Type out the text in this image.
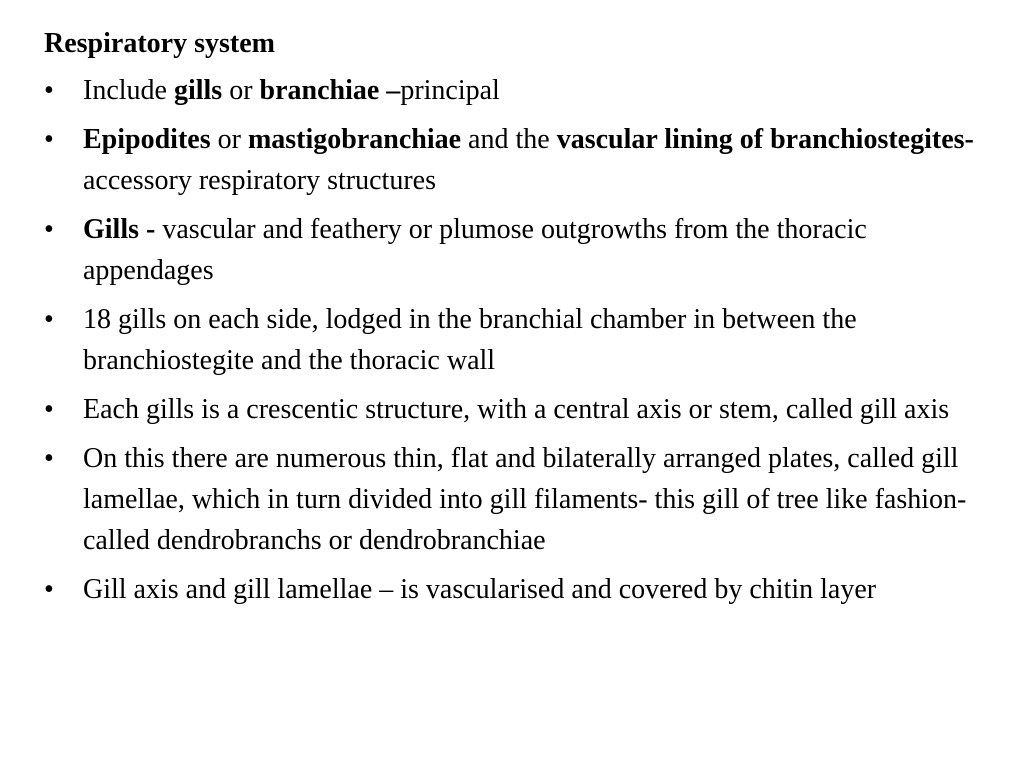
Respiratory system
•	Include gills or branchiae –principal
•	Epipodites or mastigobranchiae and the vascular lining of branchiostegites- accessory respiratory structures
•	Gills - vascular and feathery or plumose outgrowths from the thoracic appendages
•	18 gills on each side, lodged in the branchial chamber in between the branchiostegite and the thoracic wall
•	Each gills is a crescentic structure, with a central axis or stem, called gill axis
•	On this there are numerous thin, flat and bilaterally arranged plates, called gill lamellae, which in turn divided into gill filaments- this gill of tree like fashion- called dendrobranchs or dendrobranchiae
•	Gill axis and gill lamellae – is vascularised and covered by chitin layer
